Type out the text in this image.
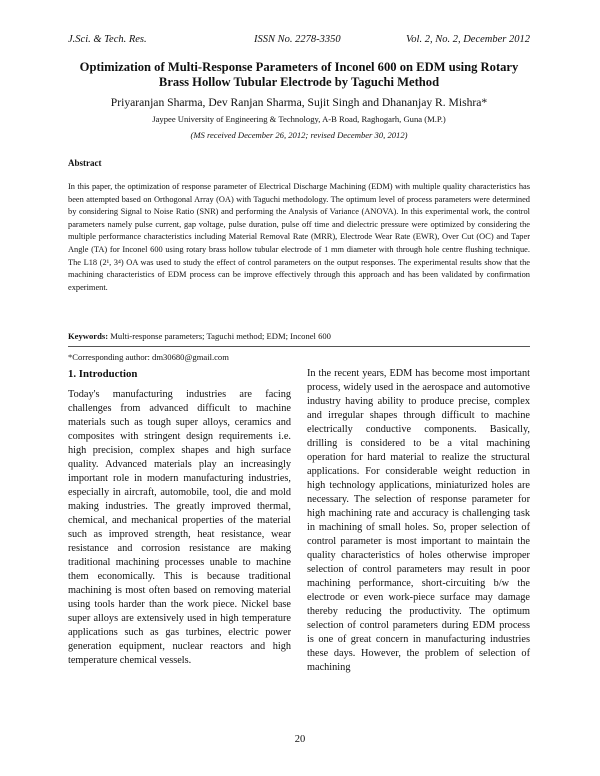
J.Sci. & Tech. Res.	ISSN No. 2278-3350	Vol. 2, No. 2, December 2012
Optimization of Multi-Response Parameters of Inconel 600 on EDM using Rotary Brass Hollow Tubular Electrode by Taguchi Method
Priyaranjan Sharma, Dev Ranjan Sharma, Sujit Singh and Dhananjay R. Mishra*
Jaypee University of Engineering & Technology, A-B Road, Raghogarh, Guna (M.P.)
(MS received December 26, 2012; revised December 30, 2012)
Abstract
In this paper, the optimization of response parameter of Electrical Discharge Machining (EDM) with multiple quality characteristics has been attempted based on Orthogonal Array (OA) with Taguchi methodology. The optimum level of process parameters were determined by considering Signal to Noise Ratio (SNR) and performing the Analysis of Variance (ANOVA). In this experimental work, the control parameters namely pulse current, gap voltage, pulse duration, pulse off time and dielectric pressure were optimized by considering the multiple performance characteristics including Material Removal Rate (MRR), Electrode Wear Rate (EWR), Over Cut (OC) and Taper Angle (TA) for Inconel 600 using rotary brass hollow tubular electrode of 1 mm diameter with through hole centre flushing technique. The L18 (2¹, 3⁴) OA was used to study the effect of control parameters on the output responses. The experimental results show that the machining characteristics of EDM process can be improve effectively through this approach and has been validated by confirmation experiment.
Keywords: Multi-response parameters; Taguchi method; EDM; Inconel 600
*Corresponding author: dm30680@gmail.com
1. Introduction
Today's manufacturing industries are facing challenges from advanced difficult to machine materials such as tough super alloys, ceramics and composites with stringent design requirements i.e. high precision, complex shapes and high surface quality. Advanced materials play an increasingly important role in modern manufacturing industries, especially in aircraft, automobile, tool, die and mold making industries. The greatly improved thermal, chemical, and mechanical properties of the material such as improved strength, heat resistance, wear resistance and corrosion resistance are making traditional machining processes unable to machine them economically. This is because traditional machining is most often based on removing material using tools harder than the work piece. Nickel base super alloys are extensively used in high temperature applications such as gas turbines, electric power generation equipment, nuclear reactors and high temperature chemical vessels.
In the recent years, EDM has become most important process, widely used in the aerospace and automotive industry having ability to produce precise, complex and irregular shapes through difficult to machine electrically conductive components. Basically, drilling is considered to be a vital machining operation for hard material to realize the structural applications. For considerable weight reduction in high technology applications, miniaturized holes are necessary. The selection of response parameter for high machining rate and accuracy is challenging task in machining of small holes. So, proper selection of control parameter is most important to maintain the quality characteristics of holes otherwise improper selection of control parameters may result in poor machining performance, short-circuiting b/w the electrode or even work-piece surface may damage thereby reducing the productivity. The optimum selection of control parameters during EDM process is one of great concern in manufacturing industries these days. However, the problem of selection of machining
20
